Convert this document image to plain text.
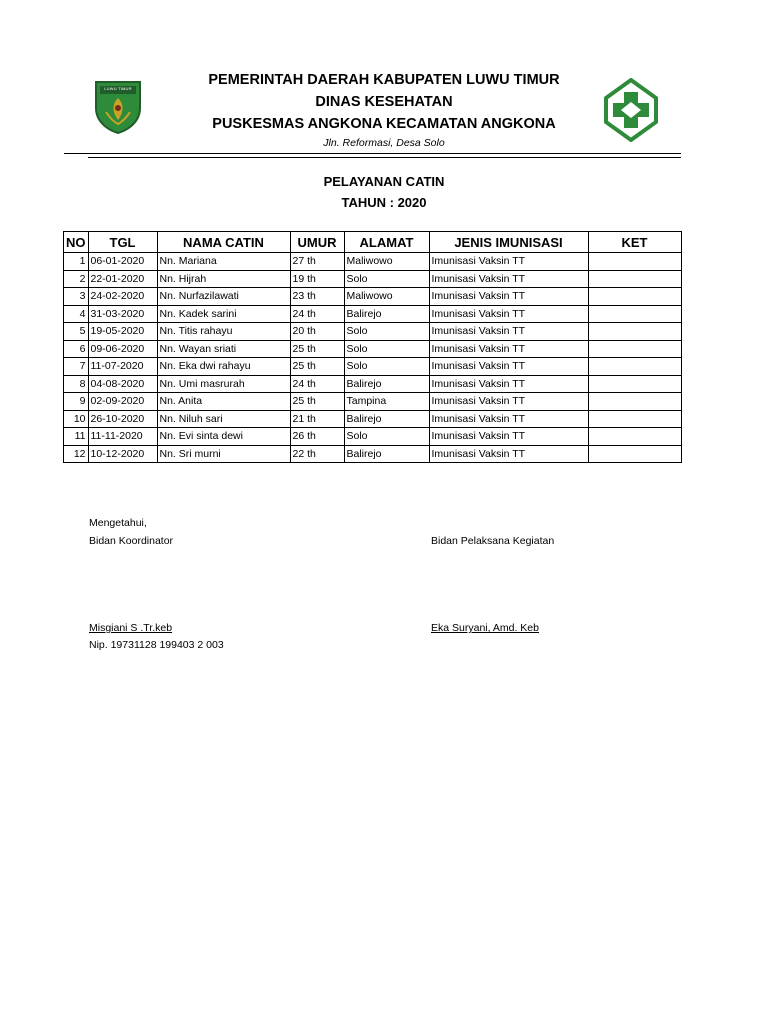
LUWU TIMUR
PEMERINTAH DAERAH KABUPATEN LUWU TIMUR
DINAS KESEHATAN
PUSKESMAS ANGKONA KECAMATAN ANGKONA
Jln. Reformasi, Desa Solo
PELAYANAN CATIN
TAHUN : 2020
NO	TGL	NAMA CATIN	UMUR	ALAMAT	JENIS IMUNISASI	KET
1	06-01-2020	Nn. Mariana	27 th	Maliwowo	Imunisasi Vaksin TT	
2	22-01-2020	Nn. Hijrah	19 th	Solo	Imunisasi Vaksin TT	
3	24-02-2020	Nn. Nurfazilawati	23 th	Maliwowo	Imunisasi Vaksin TT	
4	31-03-2020	Nn. Kadek sarini	24 th	Balirejo	Imunisasi Vaksin TT	
5	19-05-2020	Nn. Titis rahayu	20 th	Solo	Imunisasi Vaksin TT	
6	09-06-2020	Nn. Wayan sriati	25 th	Solo	Imunisasi Vaksin TT	
7	11-07-2020	Nn. Eka dwi rahayu	25 th	Solo	Imunisasi Vaksin TT	
8	04-08-2020	Nn. Umi masrurah	24 th	Balirejo	Imunisasi Vaksin TT	
9	02-09-2020	Nn. Anita	25 th	Tampina	Imunisasi Vaksin TT	
10	26-10-2020	Nn. Niluh sari	21 th	Balirejo	Imunisasi Vaksin TT	
11	11-11-2020	Nn. Evi sinta dewi	26 th	Solo	Imunisasi Vaksin TT	
12	10-12-2020	Nn. Sri murni	22 th	Balirejo	Imunisasi Vaksin TT	
Mengetahui,
Bidan Koordinator	Bidan Pelaksana Kegiatan
Misgiani S .Tr.keb	Eka Suryani, Amd. Keb
Nip. 19731128 199403 2 003
